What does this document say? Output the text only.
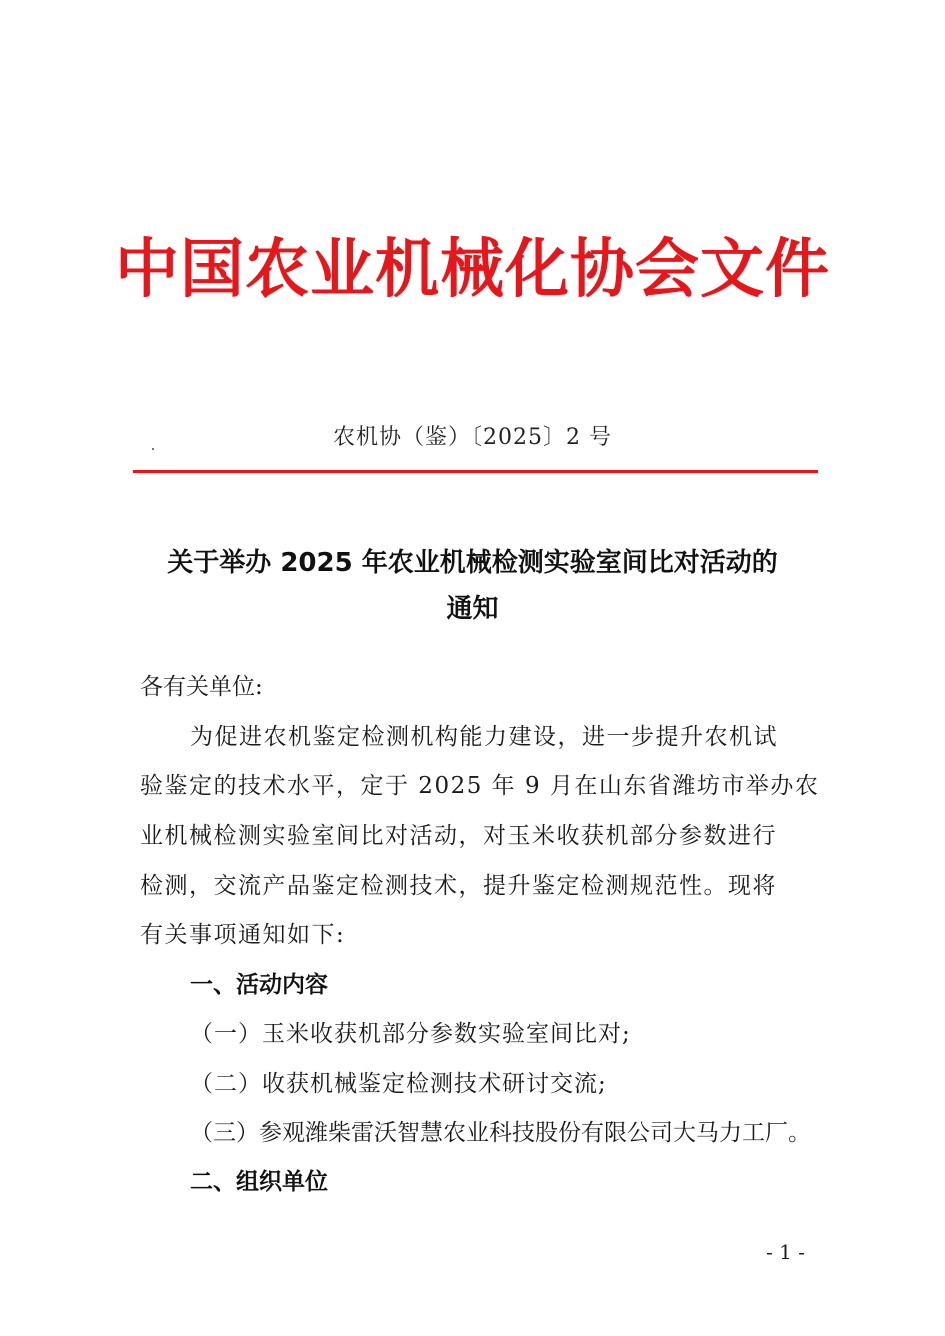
中国农业机械化协会文件
农机协（鉴）〔2025〕2 号
关于举办 2025 年农业机械检测实验室间比对活动的
通知
各有关单位:
为促进农机鉴定检测机构能力建设，进一步提升农机试
验鉴定的技术水平，定于 2025 年 9 月在山东省潍坊市举办农
业机械检测实验室间比对活动，对玉米收获机部分参数进行
检测，交流产品鉴定检测技术，提升鉴定检测规范性。现将
有关事项通知如下:
一、活动内容
（一）玉米收获机部分参数实验室间比对;
（二）收获机械鉴定检测技术研讨交流;
（三）参观潍柴雷沃智慧农业科技股份有限公司大马力工厂。
二、组织单位
- 1 -
